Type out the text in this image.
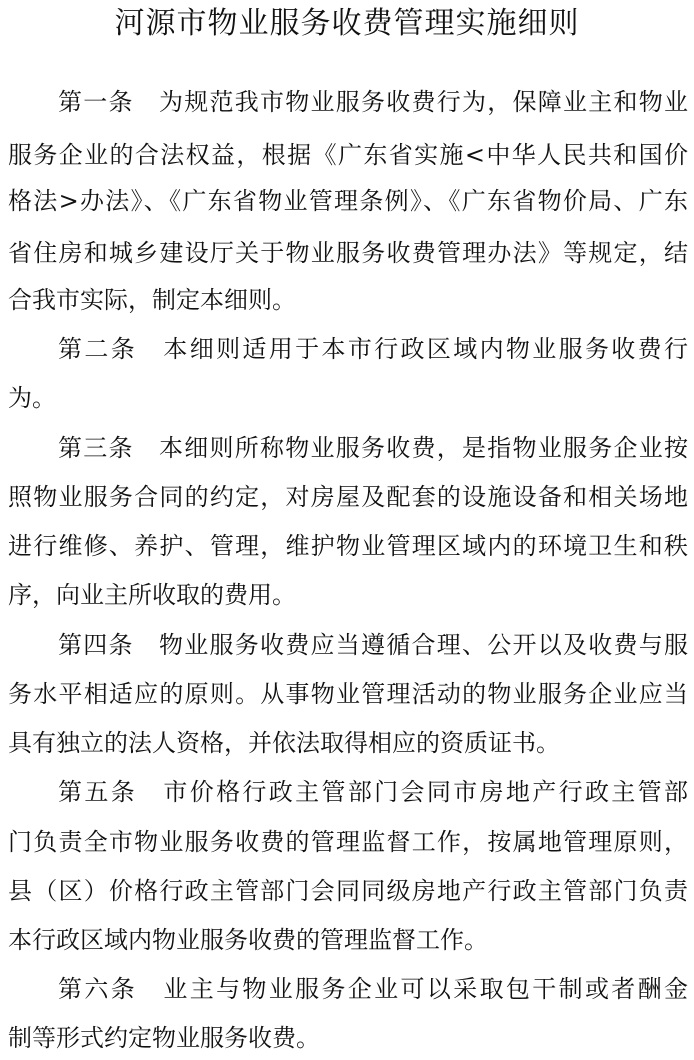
河源市物业服务收费管理实施细则
第一条　为规范我市物业服务收费行为，保障业主和物业
服务企业的合法权益，根据《广东省实施<中华人民共和国价
格法>办法》、《广东省物业管理条例》、《广东省物价局、广东
省住房和城乡建设厅关于物业服务收费管理办法》等规定，结
合我市实际，制定本细则。
第二条　本细则适用于本市行政区域内物业服务收费行
为。
第三条　本细则所称物业服务收费，是指物业服务企业按
照物业服务合同的约定，对房屋及配套的设施设备和相关场地
进行维修、养护、管理，维护物业管理区域内的环境卫生和秩
序，向业主所收取的费用。
第四条　物业服务收费应当遵循合理、公开以及收费与服
务水平相适应的原则。从事物业管理活动的物业服务企业应当
具有独立的法人资格，并依法取得相应的资质证书。
第五条　市价格行政主管部门会同市房地产行政主管部
门负责全市物业服务收费的管理监督工作，按属地管理原则，
县（区）价格行政主管部门会同同级房地产行政主管部门负责
本行政区域内物业服务收费的管理监督工作。
第六条　业主与物业服务企业可以采取包干制或者酬金
制等形式约定物业服务收费。
